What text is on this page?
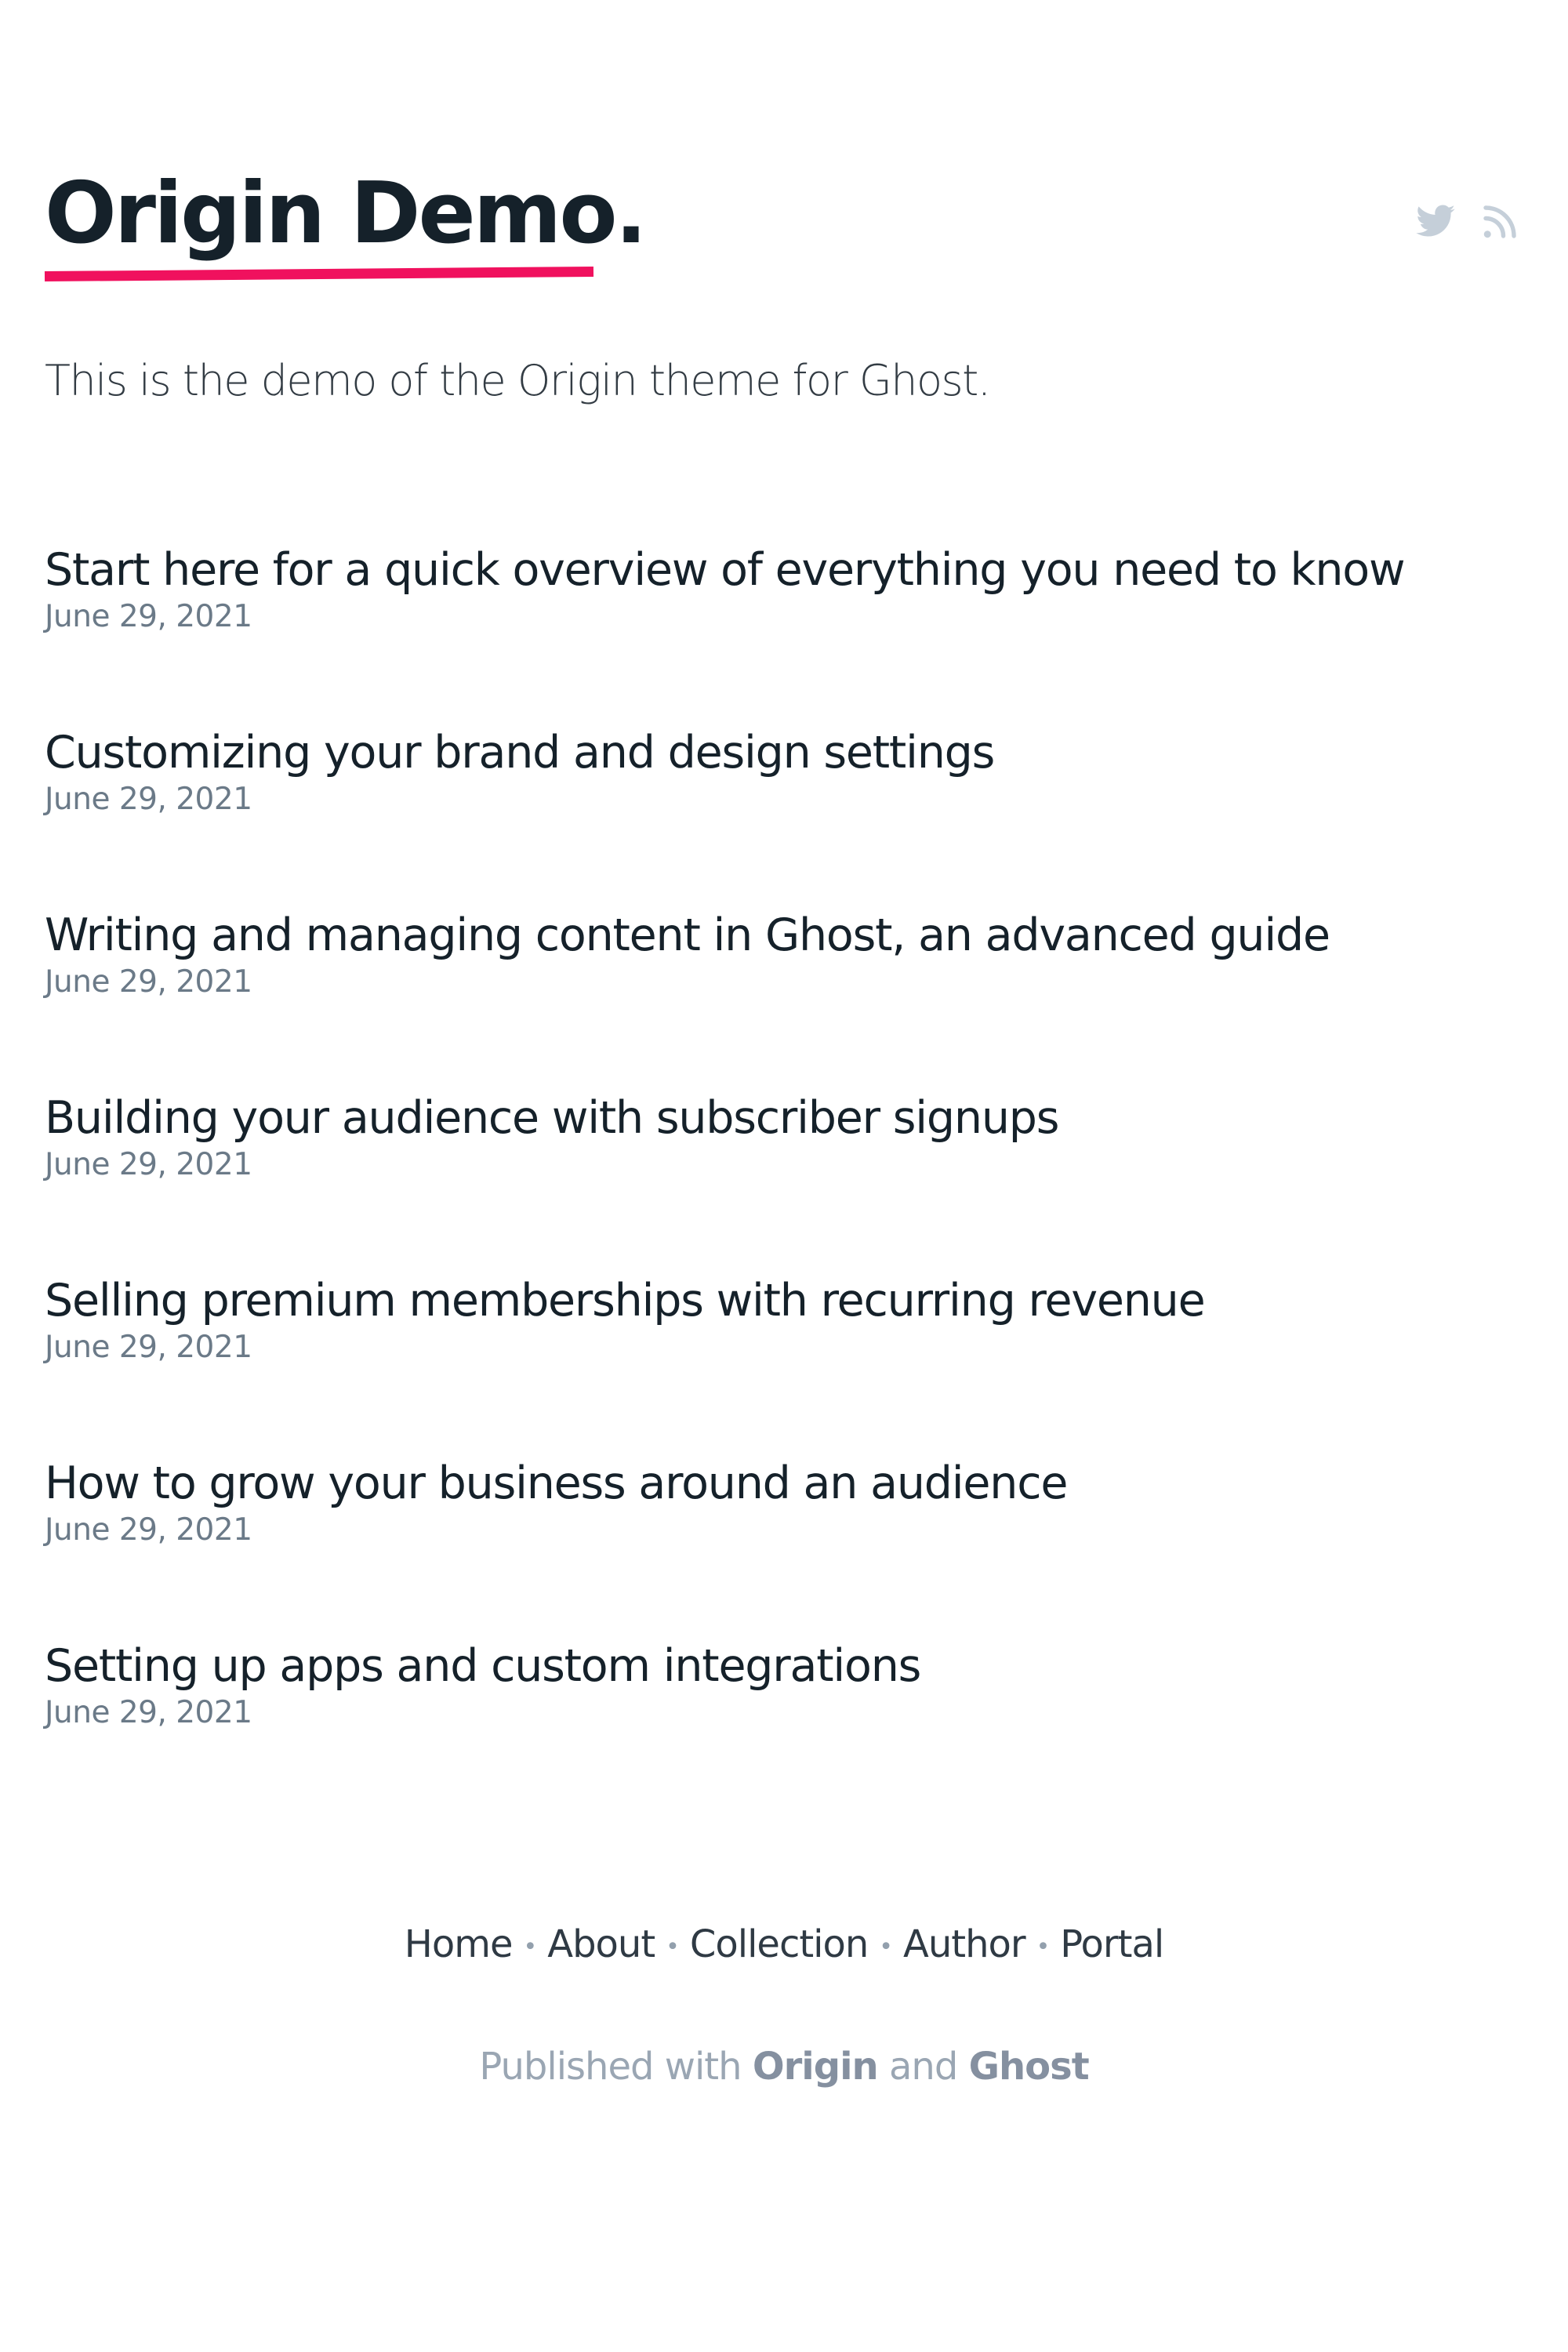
Origin Demo.
This is the demo of the Origin theme for Ghost.
Start here for a quick overview of everything you need to know
June 29, 2021
Customizing your brand and design settings
June 29, 2021
Writing and managing content in Ghost, an advanced guide
June 29, 2021
Building your audience with subscriber signups
June 29, 2021
Selling premium memberships with recurring revenue
June 29, 2021
How to grow your business around an audience
June 29, 2021
Setting up apps and custom integrations
June 29, 2021
Home • About • Collection • Author • Portal
Published with Origin and Ghost
